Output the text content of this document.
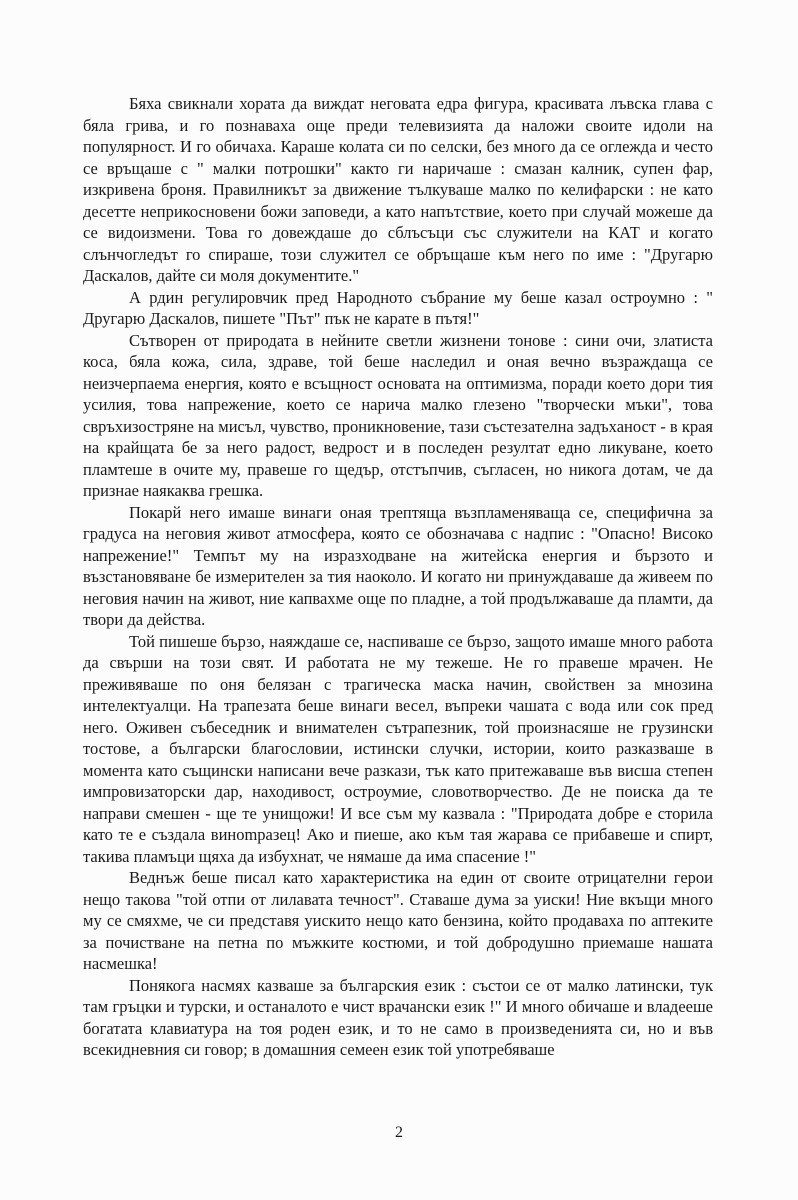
Бяха свикнали хората да виждат неговата едра фигура, красивата лъвска глава с бяла грива, и го познаваха още преди телевизията да наложи своите идоли на популярност. И го обичаха. Караше колата си по селски, без много да се оглежда и често се връщаше с " малки потрошки" както ги наричаше : смазан калник, супен фар, изкривена броня. Правилникът за движение тълкуваше малко по келифарски : не като десетте неприкосновени божи заповеди, а като напътствие, което при случай можеше да се видоизмени. Това го довеждаше до сблъсъци със служители на КАТ и когато слънчогледът го спираше, този служител се обръщаше към него по име : "Другарю Даскалов, дайте си моля документите."

А рдин регулировчик пред Народното събрание му беше казал остроумно : " Другарю Даскалов, пишете "Път" пък не карате в пътя!"

Сътворен от природата в нейните светли жизнени тонове : сини очи, златиста коса, бяла кожа, сила, здраве, той беше наследил и оная вечно възраждаща се неизчерпаема енергия, която е всъщност основата на оптимизма, поради което дори тия усилия, това напрежение, което се нарича малко глезено "творчески мъки", това свръхизостряне на мисъл, чувство, проникновение, тази състезателна задъханост - в края на крайщата бе за него радост, ведрост и в последен резултат едно ликуване, което пламтеше в очите му, правеше го щедър, отстъпчив, съгласен, но никога дотам, че да признае наякаква грешка.

Покарй него имаше винаги оная трептяща възпламеняваща се, специфична за градуса на неговия живот атмосфера, която се обозначава с надпис : "Опасно! Високо напрежение!" Темпът му на изразходване на житейска енергия и бързото и възстановяване бе измерителен за тия наоколо. И когато ни принуждаваше да живеем по неговия начин на живот, ние капвахме още по пладне, а той продължаваше да пламти, да твори да действа.

Той пишеше бързо, наяждаше се, наспиваше се бързо, защото имаше много работа да свърши на този свят. И работата не му тежеше. Не го правеше мрачен. Не преживяваше по оня белязан с трагическа маска начин, свойствен за мнозина интелектуалци. На трапезата беше винаги весел, въпреки чашата с вода или сок пред него. Оживен събеседник и внимателен сътрапезник, той произнасяше не грузински тостове, а български благословии, истински случки, истории, които разказваше в момента като същински написани вече разкази, тък като притежаваше във висша степен импровизаторски дар, находивост, остроумие, словотворчество. Де не поиска да те направи смешен - ще те унищожи! И все съм му казвала : "Природата добре е сторила като те е създала виноmразец! Ако и пиеше, ако към тая жарава се прибавеше и спирт, такива пламъци щяха да избухнат, че нямаше да има спасение !"

Веднъж беше писал като характеристика на един от своите отрицателни герои нещо такова "той отпи от лилавата течност". Ставаше дума за уиски! Ние вкъщи много му се смяхме, че си представя уискито нещо като бензина, който продаваха по аптеките за почистване на петна по мъжките костюми, и той добродушно приемаше нашата насмешка!

Понякога насмях казваше за българския език : състои се от малко латински, тук там гръцки и турски, и останалото е чист врачански език !" И много обичаше и владееше богатата клавиатура на тоя роден език, и то не само в произведенията си, но и във всекидневния си говор; в домашния семеен език той употребяваше

2
